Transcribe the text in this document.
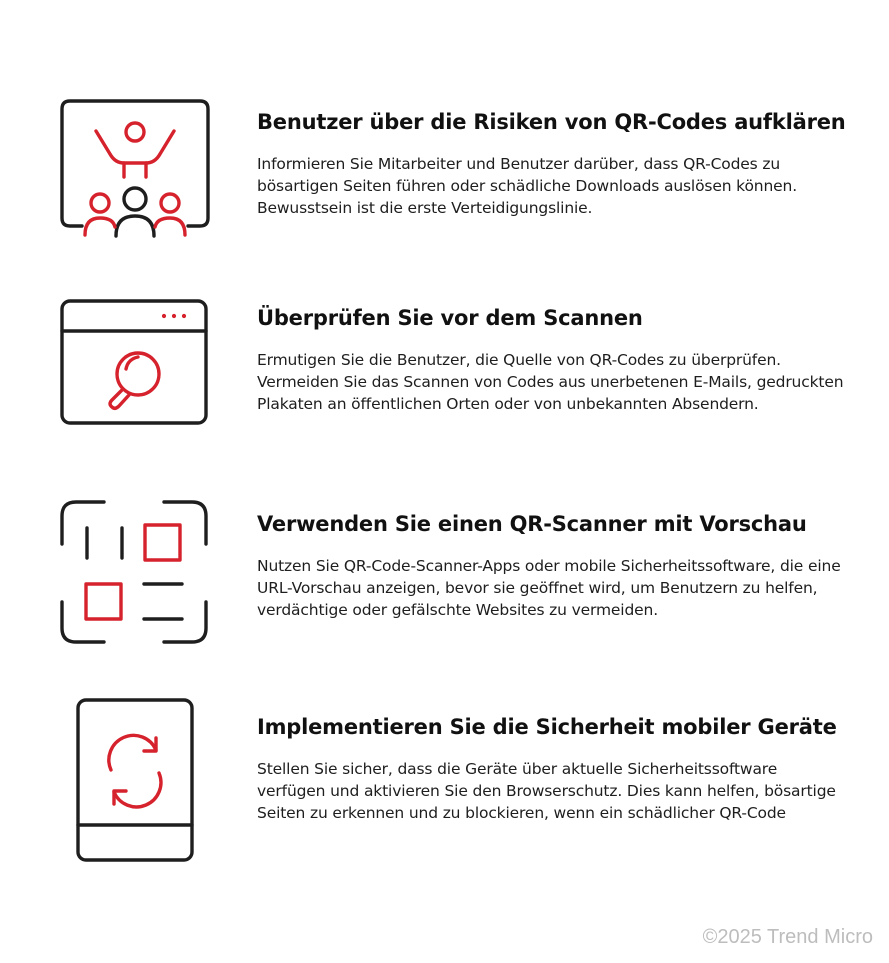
Benutzer über die Risiken von QR-Codes aufklären

Informieren Sie Mitarbeiter und Benutzer darüber, dass QR-Codes zu bösartigen Seiten führen oder schädliche Downloads auslösen können. Bewusstsein ist die erste Verteidigungslinie.

Überprüfen Sie vor dem Scannen

Ermutigen Sie die Benutzer, die Quelle von QR-Codes zu überprüfen. Vermeiden Sie das Scannen von Codes aus unerbetenen E-Mails, gedruckten Plakaten an öffentlichen Orten oder von unbekannten Absendern.

Verwenden Sie einen QR-Scanner mit Vorschau

Nutzen Sie QR-Code-Scanner-Apps oder mobile Sicherheitssoftware, die eine URL-Vorschau anzeigen, bevor sie geöffnet wird, um Benutzern zu helfen, verdächtige oder gefälschte Websites zu vermeiden.

Implementieren Sie die Sicherheit mobiler Geräte

Stellen Sie sicher, dass die Geräte über aktuelle Sicherheitssoftware verfügen und aktivieren Sie den Browserschutz. Dies kann helfen, bösartige Seiten zu erkennen und zu blockieren, wenn ein schädlicher QR-Code

©2025 Trend Micro
